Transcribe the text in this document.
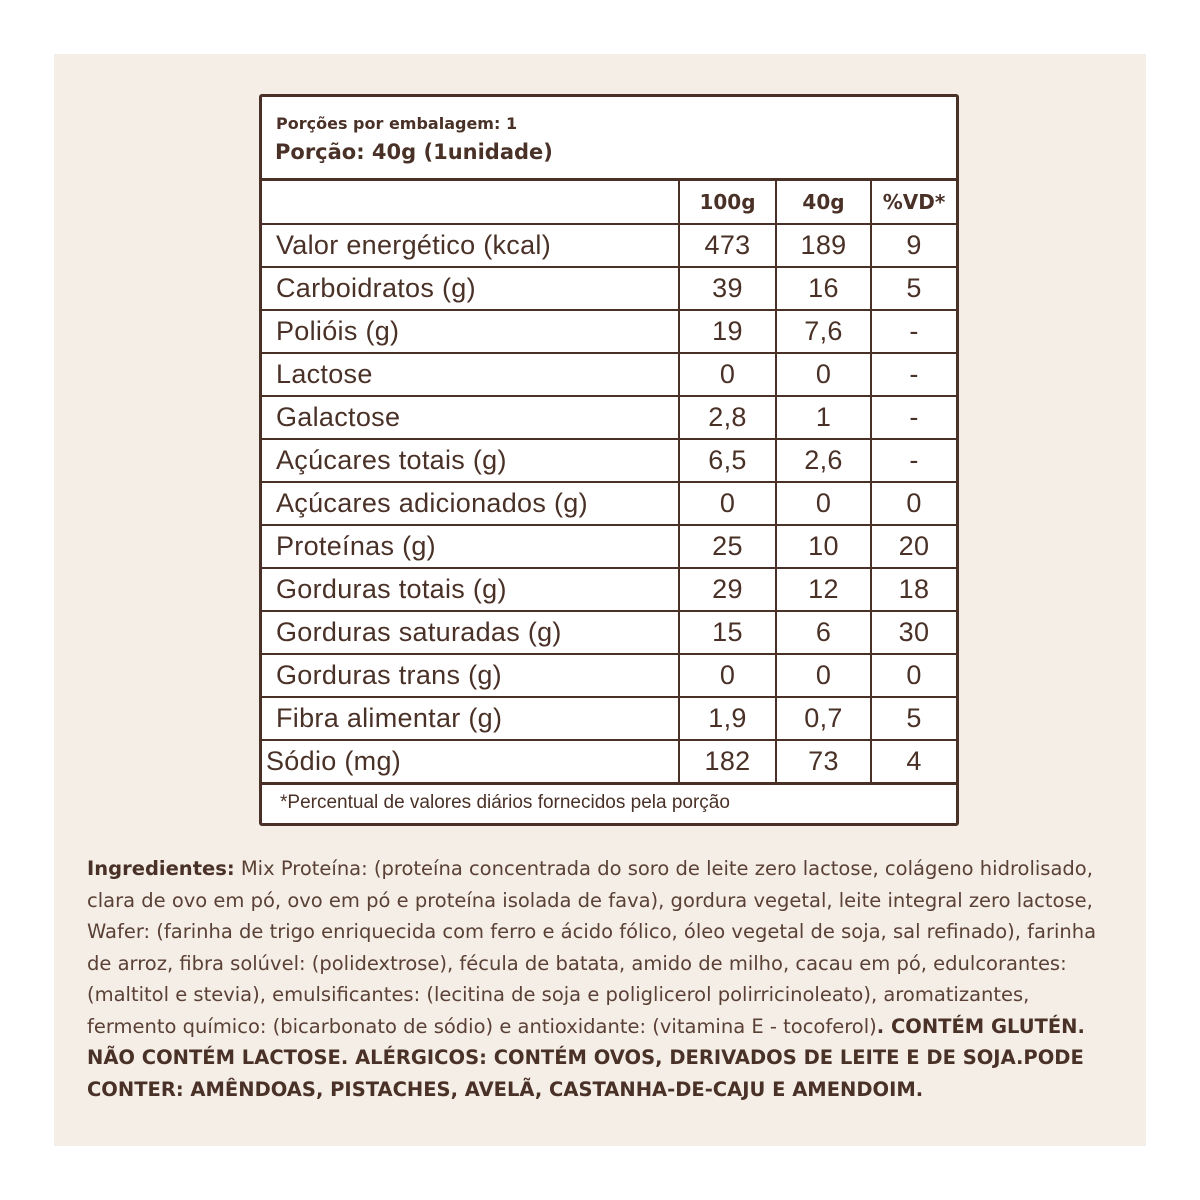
Porções por embalagem: 1
Porção: 40g (1unidade)
	100g	40g	%VD*
Valor energético (kcal)	473	189	9
Carboidratos (g)	39	16	5
Polióis (g)	19	7,6	-
Lactose	0	0	-
Galactose	2,8	1	-
Açúcares totais (g)	6,5	2,6	-
Açúcares adicionados (g)	0	0	0
Proteínas (g)	25	10	20
Gorduras totais (g)	29	12	18
Gorduras saturadas (g)	15	6	30
Gorduras trans (g)	0	0	0
Fibra alimentar (g)	1,9	0,7	5
Sódio (mg)	182	73	4
*Percentual de valores diários fornecidos pela porção
Ingredientes: Mix Proteína: (proteína concentrada do soro de leite zero lactose, colágeno hidrolisado, clara de ovo em pó, ovo em pó e proteína isolada de fava), gordura vegetal, leite integral zero lactose, Wafer: (farinha de trigo enriquecida com ferro e ácido fólico, óleo vegetal de soja, sal refinado), farinha de arroz, fibra solúvel: (polidextrose), fécula de batata, amido de milho, cacau em pó, edulcorantes: (maltitol e stevia), emulsificantes: (lecitina de soja e poliglicerol polirricinoleato), aromatizantes, fermento químico: (bicarbonato de sódio) e antioxidante: (vitamina E - tocoferol). CONTÉM GLUTÉN. NÃO CONTÉM LACTOSE. ALÉRGICOS: CONTÉM OVOS, DERIVADOS DE LEITE E DE SOJA.PODE CONTER: AMÊNDOAS, PISTACHES, AVELÃ, CASTANHA-DE-CAJU E AMENDOIM.
